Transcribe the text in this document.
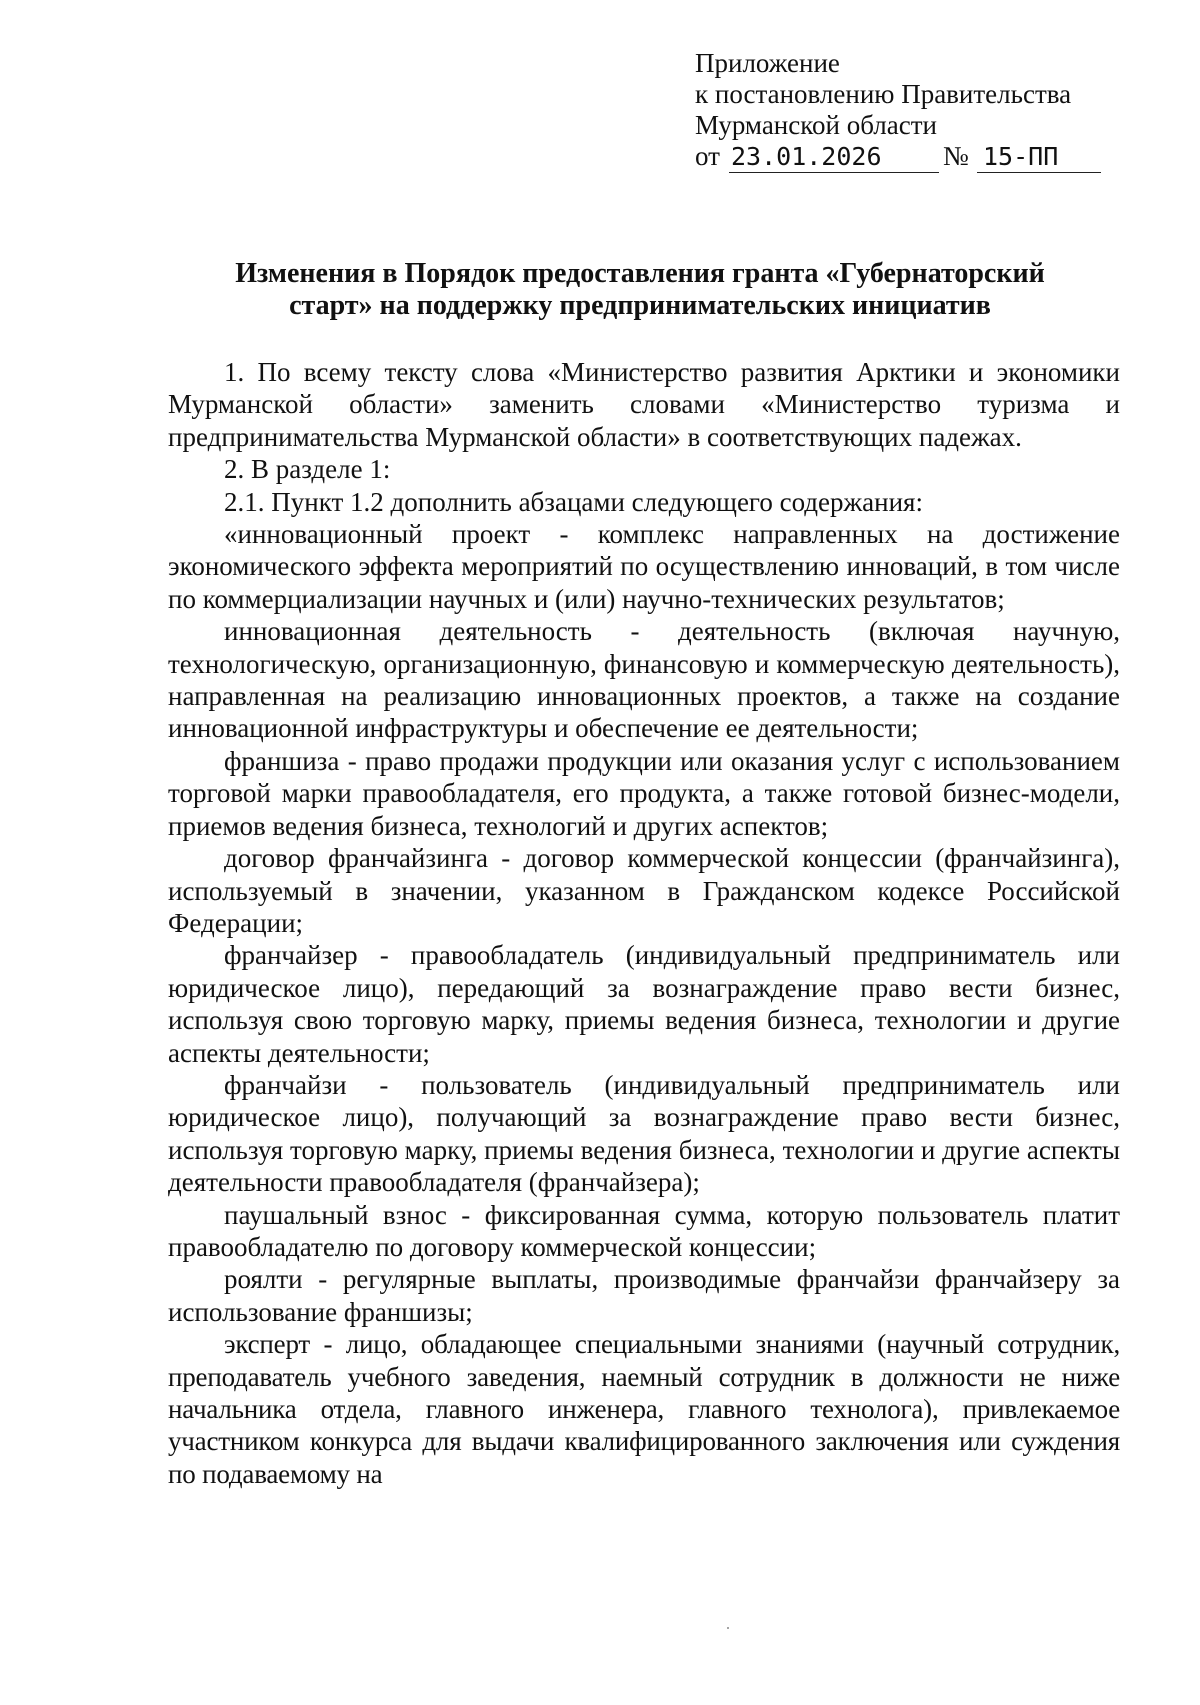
Приложение
к постановлению Правительства
Мурманской области
от 23.01.2026 № 15-ПП
Изменения в Порядок предоставления гранта «Губернаторский
старт» на поддержку предпринимательских инициатив

1. По всему тексту слова «Министерство развития Арктики и экономики Мурманской области» заменить словами «Министерство туризма и предпринимательства Мурманской области» в соответствующих падежах.

2. В разделе 1:

2.1. Пункт 1.2 дополнить абзацами следующего содержания:

«инновационный проект - комплекс направленных на достижение экономического эффекта мероприятий по осуществлению инноваций, в том числе по коммерциализации научных и (или) научно-технических результатов;

инновационная деятельность - деятельность (включая научную, технологическую, организационную, финансовую и коммерческую деятельность), направленная на реализацию инновационных проектов, а также на создание инновационной инфраструктуры и обеспечение ее деятельности;

франшиза - право продажи продукции или оказания услуг с использованием торговой марки правообладателя, его продукта, а также готовой бизнес-модели, приемов ведения бизнеса, технологий и других аспектов;

договор франчайзинга - договор коммерческой концессии (франчайзинга), используемый в значении, указанном в Гражданском кодексе Российской Федерации;

франчайзер - правообладатель (индивидуальный предприниматель или юридическое лицо), передающий за вознаграждение право вести бизнес, используя свою торговую марку, приемы ведения бизнеса, технологии и другие аспекты деятельности;

франчайзи - пользователь (индивидуальный предприниматель или юридическое лицо), получающий за вознаграждение право вести бизнес, используя торговую марку, приемы ведения бизнеса, технологии и другие аспекты деятельности правообладателя (франчайзера);

паушальный взнос - фиксированная сумма, которую пользователь платит правообладателю по договору коммерческой концессии;

роялти - регулярные выплаты, производимые франчайзи франчайзеру за использование франшизы;

эксперт - лицо, обладающее специальными знаниями (научный сотрудник, преподаватель учебного заведения, наемный сотрудник в должности не ниже начальника отдела, главного инженера, главного технолога), привлекаемое участником конкурса для выдачи квалифицированного заключения или суждения по подаваемому на
